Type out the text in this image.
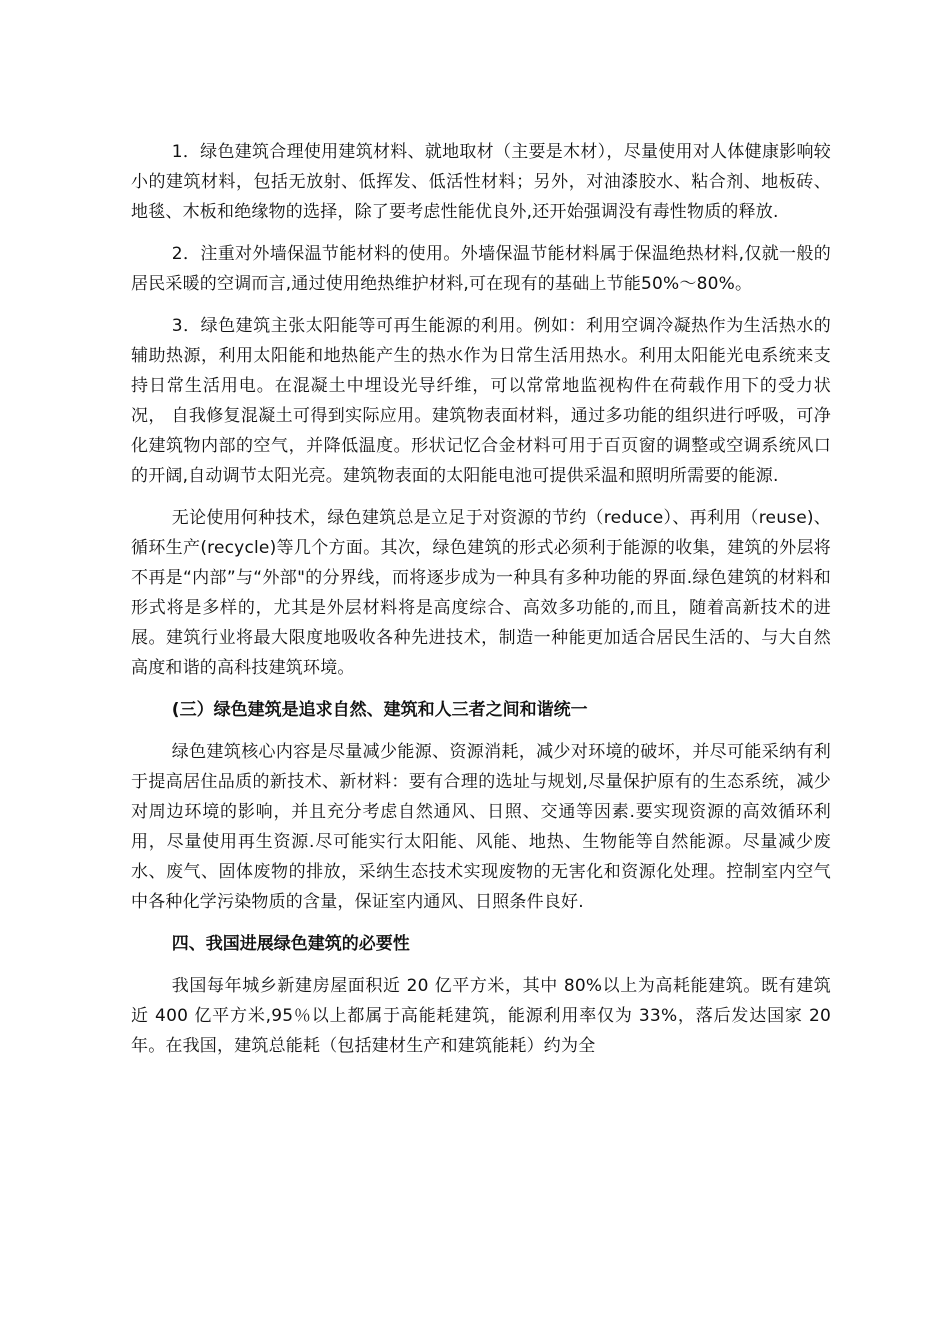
1．绿色建筑合理使用建筑材料、就地取材（主要是木材），尽量使用对人体健康影响较小的建筑材料，包括无放射、低挥发、低活性材料；另外，对油漆胶水、粘合剂、地板砖、地毯、木板和绝缘物的选择，除了要考虑性能优良外,还开始强调没有毒性物质的释放.

2．注重对外墙保温节能材料的使用。外墙保温节能材料属于保温绝热材料,仅就一般的居民采暖的空调而言,通过使用绝热维护材料,可在现有的基础上节能50%～80%。

3．绿色建筑主张太阳能等可再生能源的利用。例如：利用空调冷凝热作为生活热水的辅助热源，利用太阳能和地热能产生的热水作为日常生活用热水。利用太阳能光电系统来支持日常生活用电。在混凝土中埋设光导纤维，可以常常地监视构件在荷载作用下的受力状况， 自我修复混凝土可得到实际应用。建筑物表面材料，通过多功能的组织进行呼吸，可净化建筑物内部的空气，并降低温度。形状记忆合金材料可用于百页窗的调整或空调系统风口的开阔,自动调节太阳光亮。建筑物表面的太阳能电池可提供采温和照明所需要的能源.

无论使用何种技术，绿色建筑总是立足于对资源的节约（reduce）、再利用（reuse)、循环生产(recycle)等几个方面。其次，绿色建筑的形式必须利于能源的收集，建筑的外层将不再是“内部”与“外部"的分界线，而将逐步成为一种具有多种功能的界面.绿色建筑的材料和形式将是多样的，尤其是外层材料将是高度综合、高效多功能的,而且，随着高新技术的进展。建筑行业将最大限度地吸收各种先进技术，制造一种能更加适合居民生活的、与大自然高度和谐的高科技建筑环境。

(三）绿色建筑是追求自然、建筑和人三者之间和谐统一

绿色建筑核心内容是尽量减少能源、资源消耗，减少对环境的破坏，并尽可能采纳有利于提高居住品质的新技术、新材料：要有合理的选址与规划,尽量保护原有的生态系统，减少对周边环境的影响，并且充分考虑自然通风、日照、交通等因素.要实现资源的高效循环利用，尽量使用再生资源.尽可能实行太阳能、风能、地热、生物能等自然能源。尽量减少废水、废气、固体废物的排放，采纳生态技术实现废物的无害化和资源化处理。控制室内空气中各种化学污染物质的含量，保证室内通风、日照条件良好.

四、我国进展绿色建筑的必要性

我国每年城乡新建房屋面积近 20 亿平方米，其中 80%以上为高耗能建筑。既有建筑近 400 亿平方米,95％以上都属于高能耗建筑，能源利用率仅为 33%，落后发达国家 20 年。在我国，建筑总能耗（包括建材生产和建筑能耗）约为全
